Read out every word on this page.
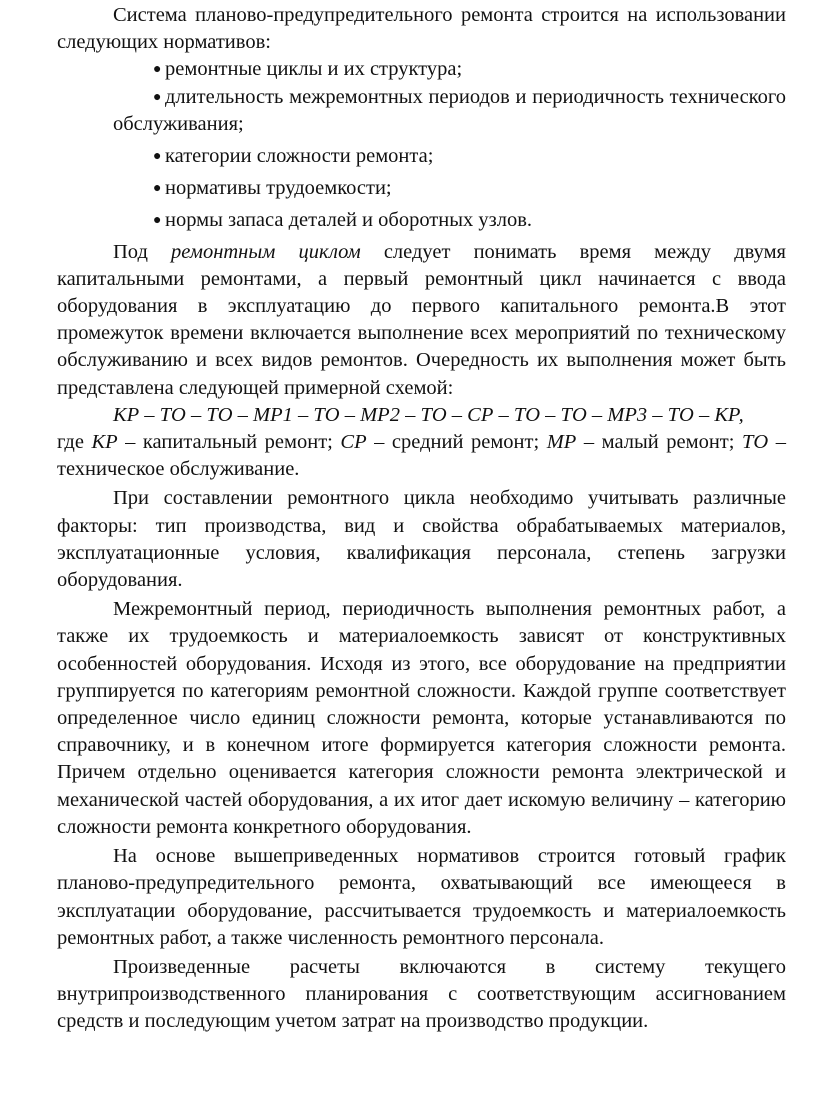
Система планово-предупредительного ремонта строится на использовании следующих нормативов:

● ремонтные циклы и их структура;
● длительность межремонтных периодов и периодичность технического обслуживания;
● категории сложности ремонта;
● нормативы трудоемкости;
● нормы запаса деталей и оборотных узлов.

Под ремонтным циклом следует понимать время между двумя капитальными ремонтами, а первый ремонтный цикл начинается с ввода оборудования в эксплуатацию до первого капитального ремонта.В этот промежуток времени включается выполнение всех мероприятий по техническому обслуживанию и всех видов ремонтов. Очередность их выполнения может быть представлена следующей примерной схемой:

КР – ТО – ТО – МР1 – ТО – МР2 – ТО – СР – ТО – ТО – МР3 – ТО – КР,

где КР – капитальный ремонт; СР – средний ремонт; МР – малый ремонт; ТО – техническое обслуживание.

При составлении ремонтного цикла необходимо учитывать различные факторы: тип производства, вид и свойства обрабатываемых материалов, эксплуатационные условия, квалификация персонала, степень загрузки оборудования.

Межремонтный период, периодичность выполнения ремонтных работ, а также их трудоемкость и материалоемкость зависят от конструктивных особенностей оборудования. Исходя из этого, все оборудование на предприятии группируется по категориям ремонтной сложности. Каждой группе соответствует определенное число единиц сложности ремонта, которые устанавливаются по справочнику, и в конечном итоге формируется категория сложности ремонта. Причем отдельно оценивается категория сложности ремонта электрической и механической частей оборудования, а их итог дает искомую величину – категорию сложности ремонта конкретного оборудования.

На основе вышеприведенных нормативов строится готовый график планово-предупредительного ремонта, охватывающий все имеющееся в эксплуатации оборудование, рассчитывается трудоемкость и материалоемкость ремонтных работ, а также численность ремонтного персонала.

Произведенные расчеты включаются в систему текущего внутрипроизводственного планирования с соответствующим ассигнованием средств и последующим учетом затрат на производство продукции.
